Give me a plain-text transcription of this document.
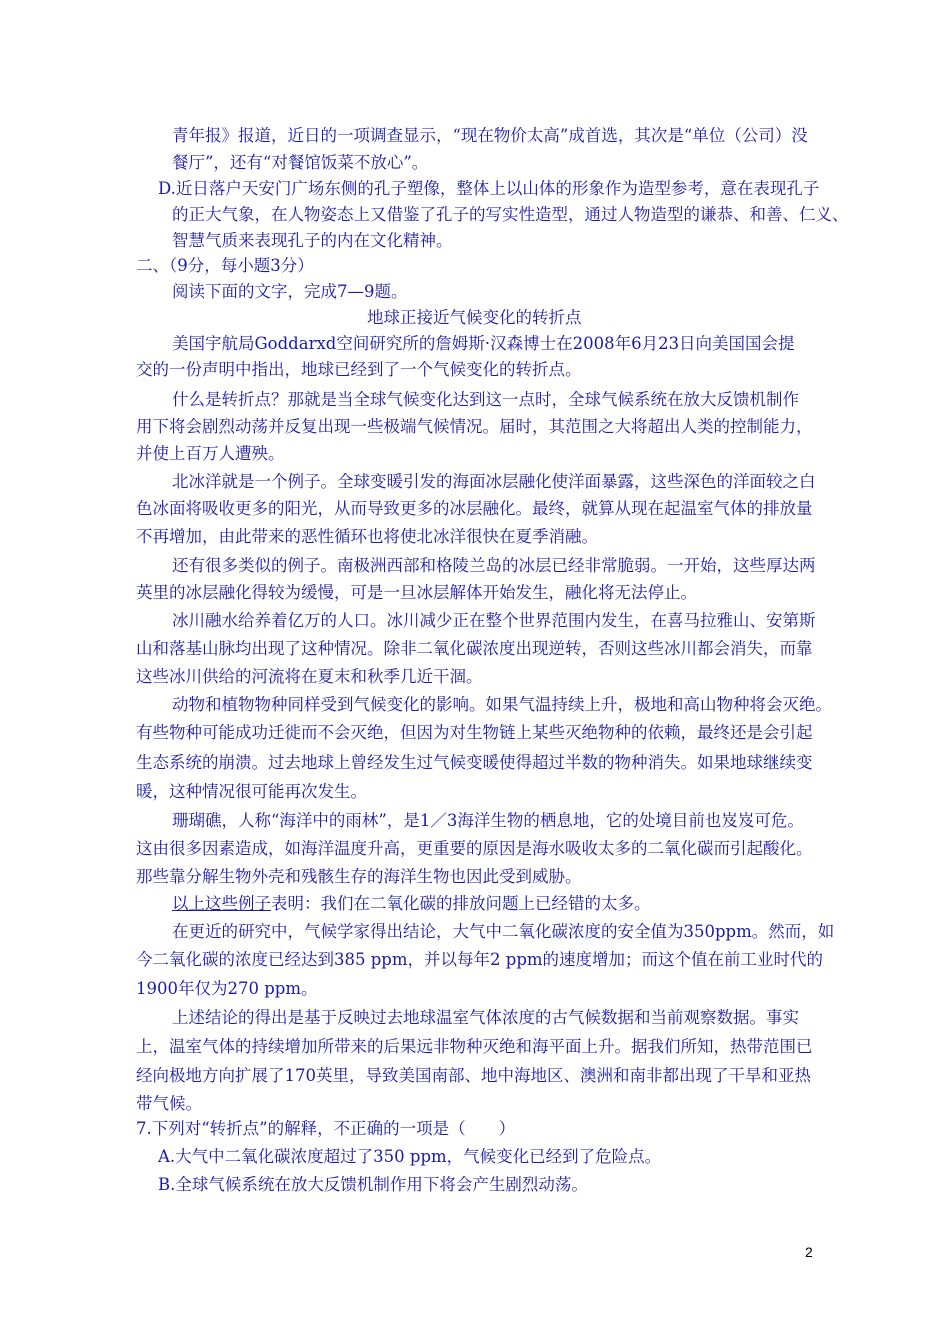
青年报》报道，近日的一项调查显示，“现在物价太高”成首选，其次是“单位（公司）没
餐厅”，还有“对餐馆饭菜不放心”。
D.近日落户天安门广场东侧的孔子塑像，整体上以山体的形象作为造型参考，意在表现孔子
的正大气象，在人物姿态上又借鉴了孔子的写实性造型，通过人物造型的谦恭、和善、仁义、
智慧气质来表现孔子的内在文化精神。
二、（9分，每小题3分）
阅读下面的文字，完成7—9题。
地球正接近气候变化的转折点
美国宇航局Goddarxd空间研究所的詹姆斯·汉森博士在2008年6月23日向美国国会提
交的一份声明中指出，地球已经到了一个气候变化的转折点。
什么是转折点？那就是当全球气候变化达到这一点时，全球气候系统在放大反馈机制作
用下将会剧烈动荡并反复出现一些极端气候情况。届时，其范围之大将超出人类的控制能力，
并使上百万人遭殃。
北冰洋就是一个例子。全球变暖引发的海面冰层融化使洋面暴露，这些深色的洋面较之白
色冰面将吸收更多的阳光，从而导致更多的冰层融化。最终，就算从现在起温室气体的排放量
不再增加，由此带来的恶性循环也将使北冰洋很快在夏季消融。
还有很多类似的例子。南极洲西部和格陵兰岛的冰层已经非常脆弱。一开始，这些厚达两
英里的冰层融化得较为缓慢，可是一旦冰层解体开始发生，融化将无法停止。
冰川融水给养着亿万的人口。冰川减少正在整个世界范围内发生，在喜马拉雅山、安第斯
山和落基山脉均出现了这种情况。除非二氧化碳浓度出现逆转，否则这些冰川都会消失，而靠
这些冰川供给的河流将在夏末和秋季几近干涸。
动物和植物物种同样受到气候变化的影响。如果气温持续上升，极地和高山物种将会灭绝。
有些物种可能成功迁徙而不会灭绝，但因为对生物链上某些灭绝物种的依赖，最终还是会引起
生态系统的崩溃。过去地球上曾经发生过气候变暖使得超过半数的物种消失。如果地球继续变
暖，这种情况很可能再次发生。
珊瑚礁，人称“海洋中的雨林”，是1／3海洋生物的栖息地，它的处境目前也岌岌可危。
这由很多因素造成，如海洋温度升高，更重要的原因是海水吸收太多的二氧化碳而引起酸化。
那些靠分解生物外壳和残骸生存的海洋生物也因此受到威胁。
以上这些例子表明：我们在二氧化碳的排放问题上已经错的太多。
在更近的研究中，气候学家得出结论，大气中二氧化碳浓度的安全值为350ppm。然而，如
今二氧化碳的浓度已经达到385 ppm，并以每年2 ppm的速度增加；而这个值在前工业时代的
1900年仅为270 ppm。
上述结论的得出是基于反映过去地球温室气体浓度的古气候数据和当前观察数据。事实
上，温室气体的持续增加所带来的后果远非物种灭绝和海平面上升。据我们所知，热带范围已
经向极地方向扩展了170英里，导致美国南部、地中海地区、澳洲和南非都出现了干旱和亚热
带气候。
7.下列对“转折点”的解释，不正确的一项是（　　）
A.大气中二氧化碳浓度超过了350 ppm，气候变化已经到了危险点。
B.全球气候系统在放大反馈机制作用下将会产生剧烈动荡。
2
